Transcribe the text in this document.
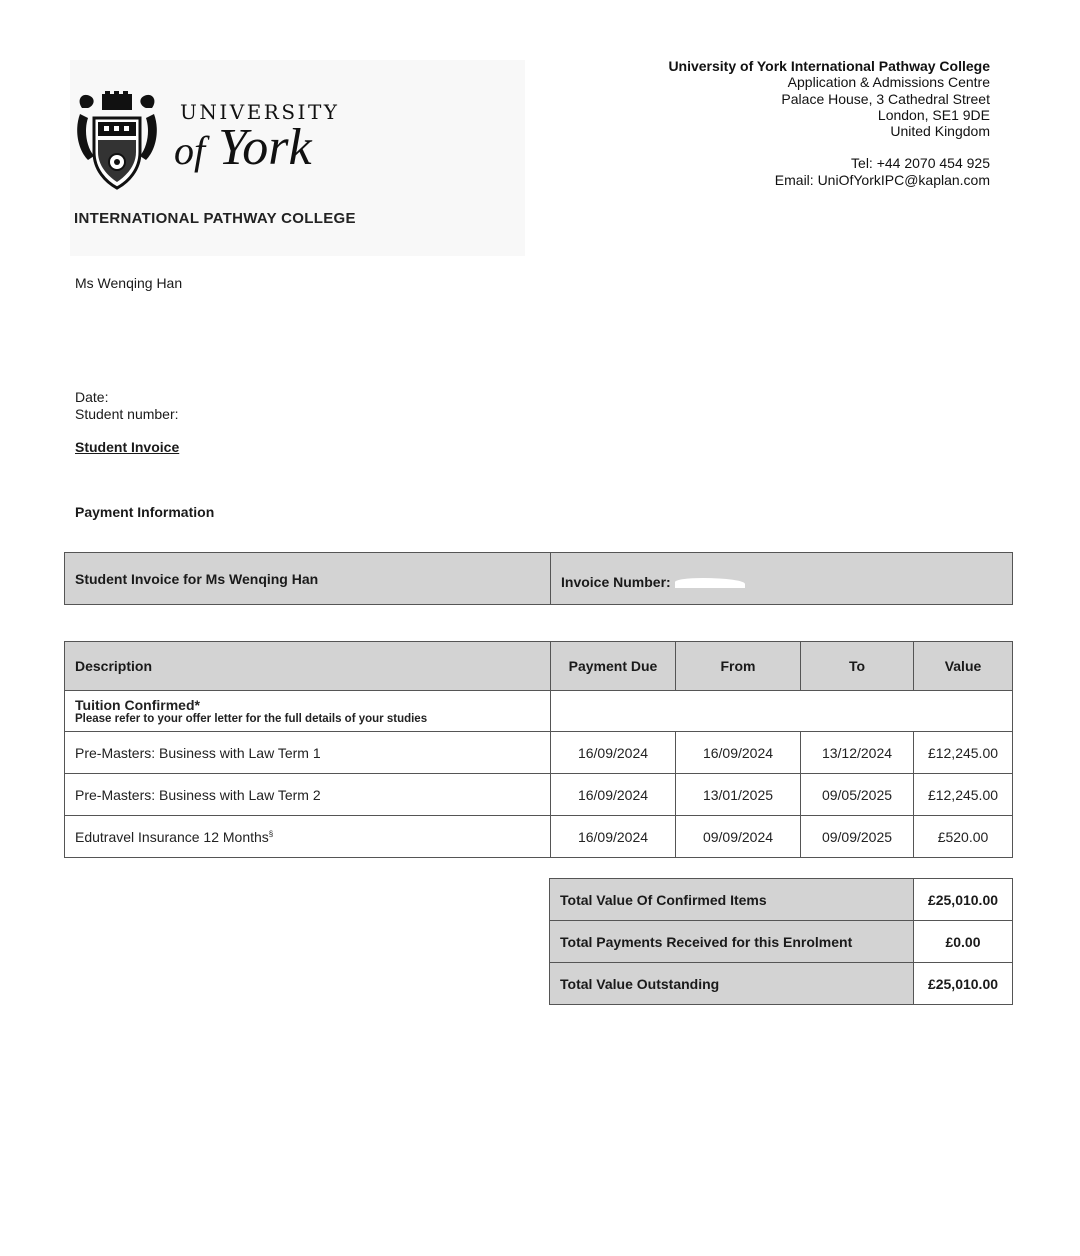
UNIVERSITY
of York
INTERNATIONAL PATHWAY COLLEGE
University of York International Pathway College
Application & Admissions Centre
Palace House, 3 Cathedral Street
London, SE1 9DE
United Kingdom
Tel: +44 2070 454 925
Email: UniOfYorkIPC@kaplan.com
Ms Wenqing Han
Date:
Student number:
Student Invoice
Payment Information
Student Invoice for Ms Wenqing Han	Invoice Number:
Description	Payment Due	From	To	Value

Tuition Confirmed*
Please refer to your offer letter for the full details of your studies				

Pre-Masters: Business with Law Term 1	16/09/2024	16/09/2024	13/12/2024	£12,245.00
Pre-Masters: Business with Law Term 2	16/09/2024	13/01/2025	09/05/2025	£12,245.00
Edutravel Insurance 12 Months§	16/09/2024	09/09/2024	09/09/2025	£520.00
Total Value Of Confirmed Items	£25,010.00
Total Payments Received for this Enrolment	£0.00
Total Value Outstanding	£25,010.00
